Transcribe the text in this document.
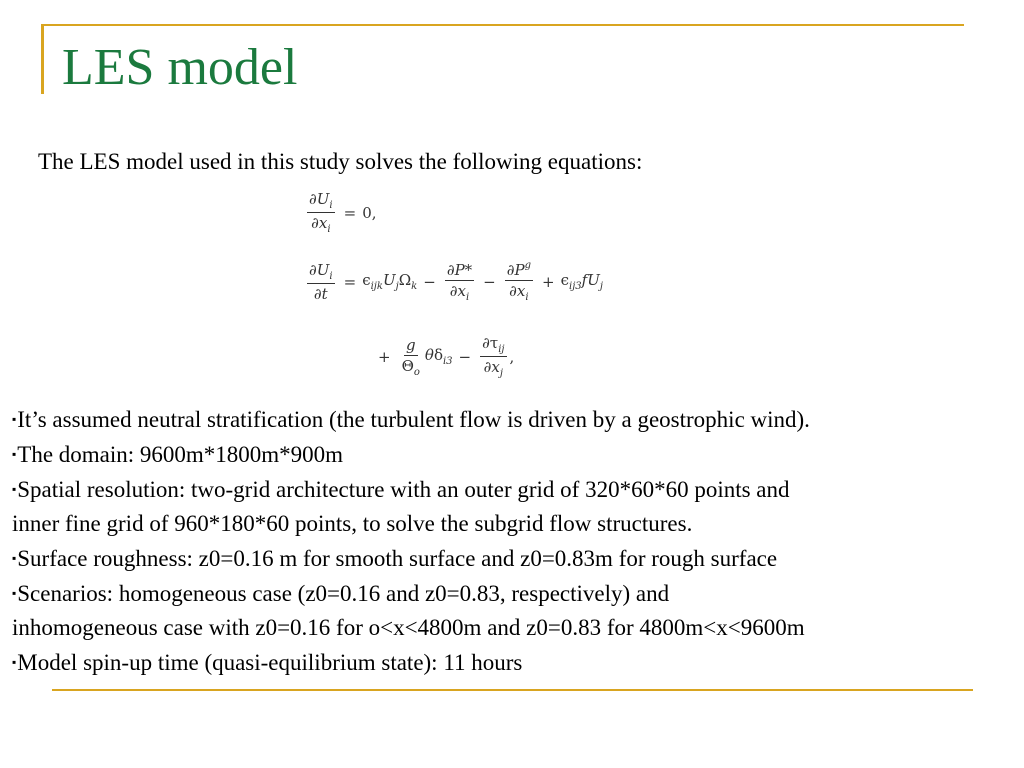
LES model

The LES model used in this study solves the following equations:

$\frac{\partial U_i}{\partial x_i} = 0$,
$\frac{\partial U_i}{\partial t} = \epsilon_{ijk}U_j\Omega_k - \frac{\partial P*}{\partial x_i} - \frac{\partial P^g}{\partial x_i} + \epsilon_{ij3}fU_j$
+ $\frac{g}{\Theta_o} \theta\delta_{i3} - \frac{\partial\tau_{ij}}{\partial x_j}$ ,

▪It’s assumed neutral stratification (the turbulent flow is driven by a geostrophic wind).

▪The domain: 9600m*1800m*900m

▪Spatial resolution: two-grid architecture with an outer grid of 320*60*60 points and

inner fine grid of 960*180*60 points, to solve the subgrid flow structures.

▪Surface roughness: z0=0.16 m for smooth surface and z0=0.83m for rough surface

▪Scenarios: homogeneous case (z0=0.16 and z0=0.83, respectively) and

inhomogeneous case with z0=0.16 for o<x<4800m and z0=0.83 for 4800m<x<9600m

▪Model spin-up time (quasi-equilibrium state): 11 hours
